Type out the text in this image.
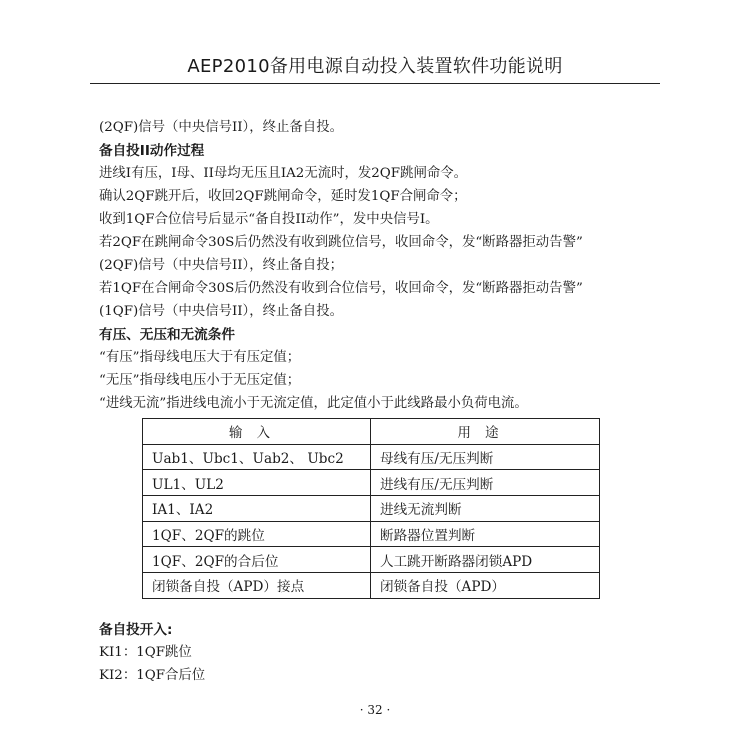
AEP2010备用电源自动投入装置软件功能说明
(2QF)信号（中央信号II），终止备自投。
备自投II动作过程
进线I有压，I母、II母均无压且IA2无流时，发2QF跳闸命令。
确认2QF跳开后，收回2QF跳闸命令，延时发1QF合闸命令；
收到1QF合位信号后显示“备自投II动作”，发中央信号I。
若2QF在跳闸命令30S后仍然没有收到跳位信号，收回命令，发“断路器拒动告警”
(2QF)信号（中央信号II），终止备自投；
若1QF在合闸命令30S后仍然没有收到合位信号，收回命令，发“断路器拒动告警”
(1QF)信号（中央信号II），终止备自投。
有压、无压和无流条件
“有压”指母线电压大于有压定值；
“无压”指母线电压小于无压定值；
“进线无流”指进线电流小于无流定值，此定值小于此线路最小负荷电流。
输入	用途
Uab1、Ubc1、Uab2、 Ubc2	母线有压/无压判断
UL1、UL2	进线有压/无压判断
IA1、IA2	进线无流判断
1QF、2QF的跳位	断路器位置判断
1QF、2QF的合后位	人工跳开断路器闭锁APD
闭锁备自投（APD）接点	闭锁备自投（APD）
备自投开入:
KI1：1QF跳位
KI2：1QF合后位
· 32 ·
